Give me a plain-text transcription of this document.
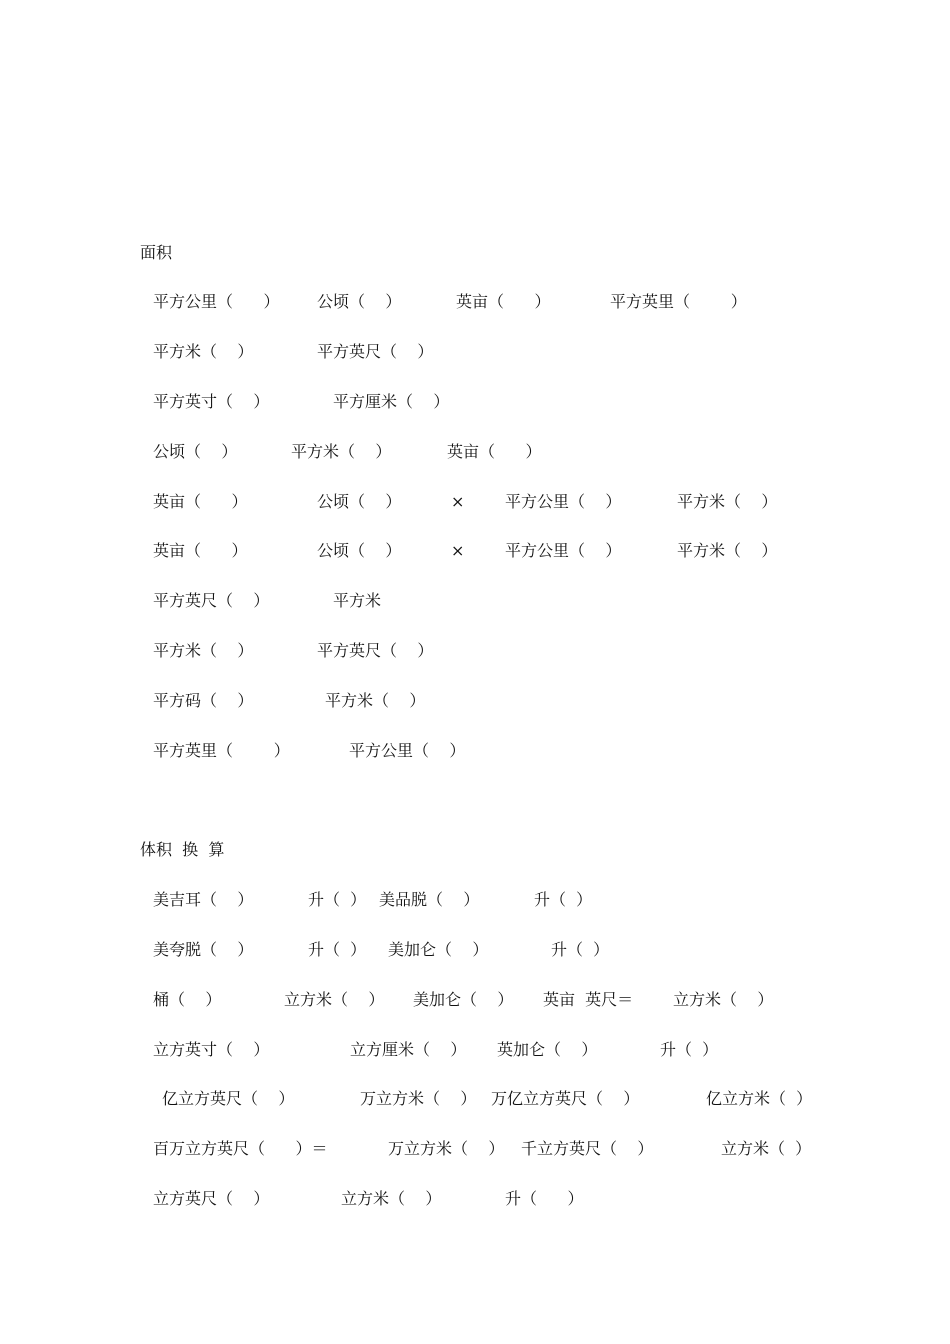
面积
平方公里（      ） 公顷（    ）	英亩（      ）	平方英里（        ）
平方米（    ）	平方英尺（    ）
平方英寸（    ）	平方厘米（    ）
公顷（    ）	平方米（    ）	英亩（      ）
英亩（      ）	公顷（    ）	×	平方公里（    ）	平方米（    ）
英亩（      ）	公顷（    ）	×	平方公里（    ）	平方米（    ）
平方英尺（    ）	平方米
平方米（    ）	平方英尺（    ）
平方码（    ）	平方米（    ）
平方英里（        ）	平方公里（    ）
体积  换  算
美吉耳（    ）	升（  ） 美品脱（    ）	升（  ）
美夸脱（    ）	升（  ） 美加仑（    ）	升（  ）
桶（    ）	立方米（    ） 美加仑（    ） 英亩  英尺＝ 立方米（    ）
立方英寸（    ）	立方厘米（    ） 英加仑（    ）	升（  ）
亿立方英尺（    ）	万立方米（    ） 万亿立方英尺（    ）	亿立方米（  ）
百万立方英尺（      ）＝	万立方米（    ） 千立方英尺（    ）	立方米（  ）
立方英尺（    ）	立方米（    ）	升（      ）
